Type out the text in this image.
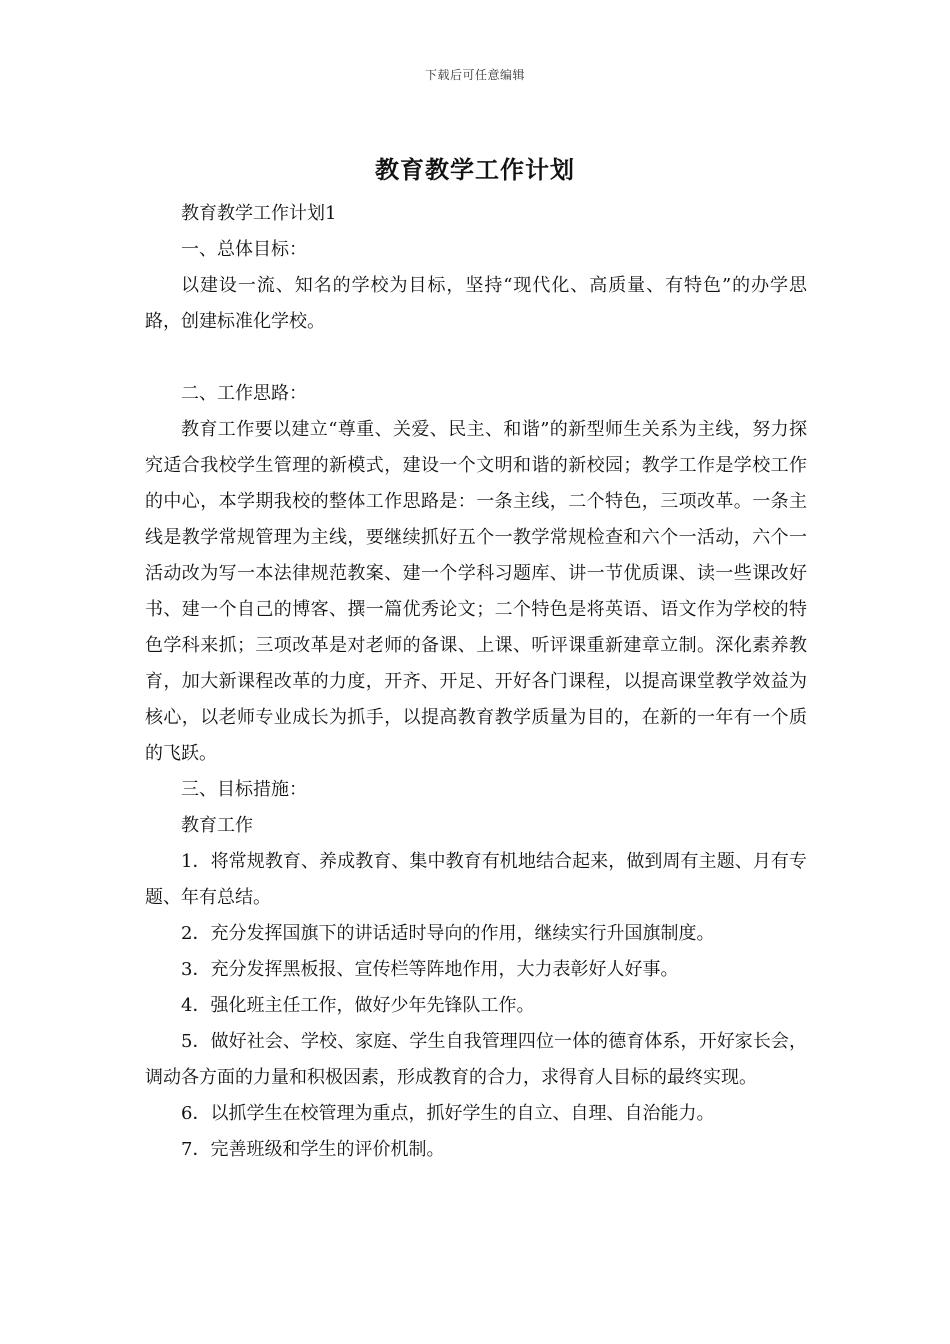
下载后可任意编辑
教育教学工作计划

教育教学工作计划1

一、总体目标：

以建设一流、知名的学校为目标，坚持“现代化、高质量、有特色”的办学思路，创建标准化学校。

二、工作思路：

教育工作要以建立“尊重、关爱、民主、和谐”的新型师生关系为主线，努力探究适合我校学生管理的新模式，建设一个文明和谐的新校园；教学工作是学校工作的中心，本学期我校的整体工作思路是：一条主线，二个特色，三项改革。一条主线是教学常规管理为主线，要继续抓好五个一教学常规检查和六个一活动，六个一活动改为写一本法律规范教案、建一个学科习题库、讲一节优质课、读一些课改好书、建一个自己的博客、撰一篇优秀论文；二个特色是将英语、语文作为学校的特色学科来抓；三项改革是对老师的备课、上课、听评课重新建章立制。深化素养教育，加大新课程改革的力度，开齐、开足、开好各门课程，以提高课堂教学效益为核心，以老师专业成长为抓手，以提高教育教学质量为目的，在新的一年有一个质的飞跃。

三、目标措施：

教育工作

1．将常规教育、养成教育、集中教育有机地结合起来，做到周有主题、月有专题、年有总结。

2．充分发挥国旗下的讲话适时导向的作用，继续实行升国旗制度。

3．充分发挥黑板报、宣传栏等阵地作用，大力表彰好人好事。

4．强化班主任工作，做好少年先锋队工作。

5．做好社会、学校、家庭、学生自我管理四位一体的德育体系，开好家长会，调动各方面的力量和积极因素，形成教育的合力，求得育人目标的最终实现。

6．以抓学生在校管理为重点，抓好学生的自立、自理、自治能力。

7．完善班级和学生的评价机制。
